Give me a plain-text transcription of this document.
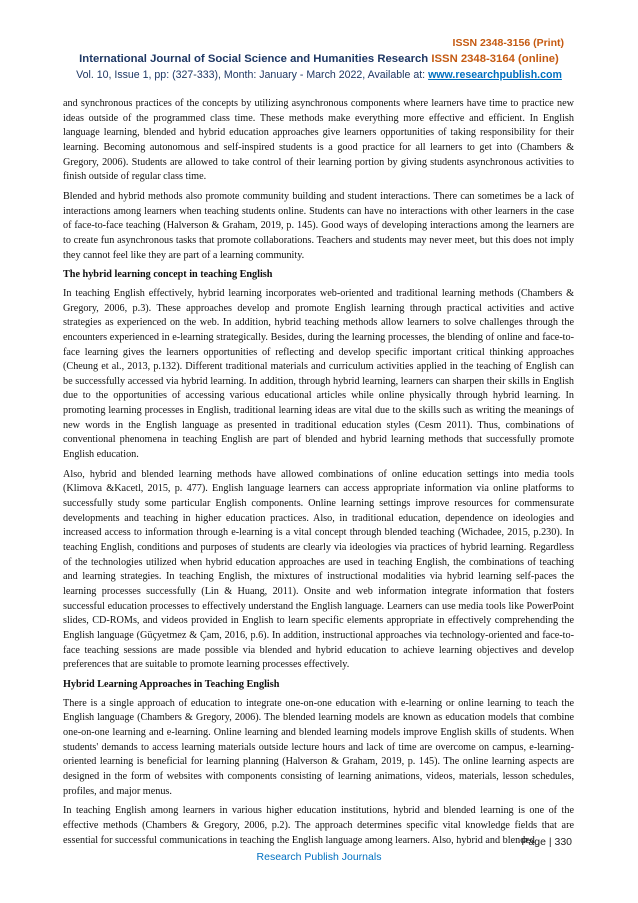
ISSN 2348-3156 (Print)
International Journal of Social Science and Humanities Research ISSN 2348-3164 (online)
Vol. 10, Issue 1, pp: (327-333), Month: January - March 2022, Available at: www.researchpublish.com

and synchronous practices of the concepts by utilizing asynchronous components where learners have time to practice new ideas outside of the programmed class time. These methods make everything more effective and efficient. In English language learning, blended and hybrid education approaches give learners opportunities of taking responsibility for their learning. Becoming autonomous and self-inspired students is a good practice for all learners to get into (Chambers & Gregory, 2006). Students are allowed to take control of their learning portion by giving students asynchronous activities to finish outside of regular class time.

Blended and hybrid methods also promote community building and student interactions. There can sometimes be a lack of interactions among learners when teaching students online. Students can have no interactions with other learners in the case of face-to-face teaching (Halverson & Graham, 2019, p. 145). Good ways of developing interactions among the learners are to create fun asynchronous tasks that promote collaborations. Teachers and students may never meet, but this does not imply they cannot feel like they are part of a learning community.

The hybrid learning concept in teaching English

In teaching English effectively, hybrid learning incorporates web-oriented and traditional learning methods (Chambers & Gregory, 2006, p.3). These approaches develop and promote English learning through practical activities and active strategies as experienced on the web. In addition, hybrid teaching methods allow learners to solve challenges through the encounters experienced in e-learning strategically. Besides, during the learning processes, the blending of online and face-to-face learning gives the learners opportunities of reflecting and develop specific important critical thinking approaches (Cheung et al., 2013, p.132). Different traditional materials and curriculum activities applied in the teaching of English can be successfully accessed via hybrid learning. In addition, through hybrid learning, learners can sharpen their skills in English due to the opportunities of accessing various educational articles while online physically through hybrid learning. In promoting learning processes in English, traditional learning ideas are vital due to the skills such as writing the meanings of new words in the English language as presented in traditional education styles (Cesm 2011). Thus, combinations of conventional phenomena in teaching English are part of blended and hybrid learning methods that successfully promote English education.

Also, hybrid and blended learning methods have allowed combinations of online education settings into media tools (Klimova &Kacetl, 2015, p. 477). English language learners can access appropriate information via online platforms to successfully study some particular English components. Online learning settings improve resources for commensurate developments and teaching in higher education practices. Also, in traditional education, dependence on ideologies and increased access to information through e-learning is a vital concept through blended teaching (Wichadee, 2015, p.230). In teaching English, conditions and purposes of students are clearly via ideologies via practices of hybrid learning. Regardless of the technologies utilized when hybrid education approaches are used in teaching English, the combinations of teaching and learning strategies. In teaching English, the mixtures of instructional modalities via hybrid learning self-paces the learning processes successfully (Lin & Huang, 2011). Onsite and web information integrate information that fosters successful education processes to effectively understand the English language. Learners can use media tools like PowerPoint slides, CD-ROMs, and videos provided in English to learn specific elements appropriate in effectively comprehending the English language (Güçyetmez & Çam, 2016, p.6). In addition, instructional approaches via technology-oriented and face-to-face teaching sessions are made possible via blended and hybrid education to achieve learning objectives and develop preferences that are suitable to promote learning processes effectively.

Hybrid Learning Approaches in Teaching English

There is a single approach of education to integrate one-on-one education with e-learning or online learning to teach the English language (Chambers & Gregory, 2006). The blended learning models are known as education models that combine one-on-one learning and e-learning. Online learning and blended learning models improve English skills of students. When students' demands to access learning materials outside lecture hours and lack of time are overcome on campus, e-learning-oriented learning is beneficial for learning planning (Halverson & Graham, 2019, p. 145). The online learning aspects are designed in the form of websites with components consisting of learning animations, videos, materials, lesson schedules, profiles, and major menus.

In teaching English among learners in various higher education institutions, hybrid and blended learning is one of the effective methods (Chambers & Gregory, 2006, p.2). The approach determines specific vital knowledge fields that are essential for successful communications in teaching the English language among learners. Also, hybrid and blended

Page | 330
Research Publish Journals
